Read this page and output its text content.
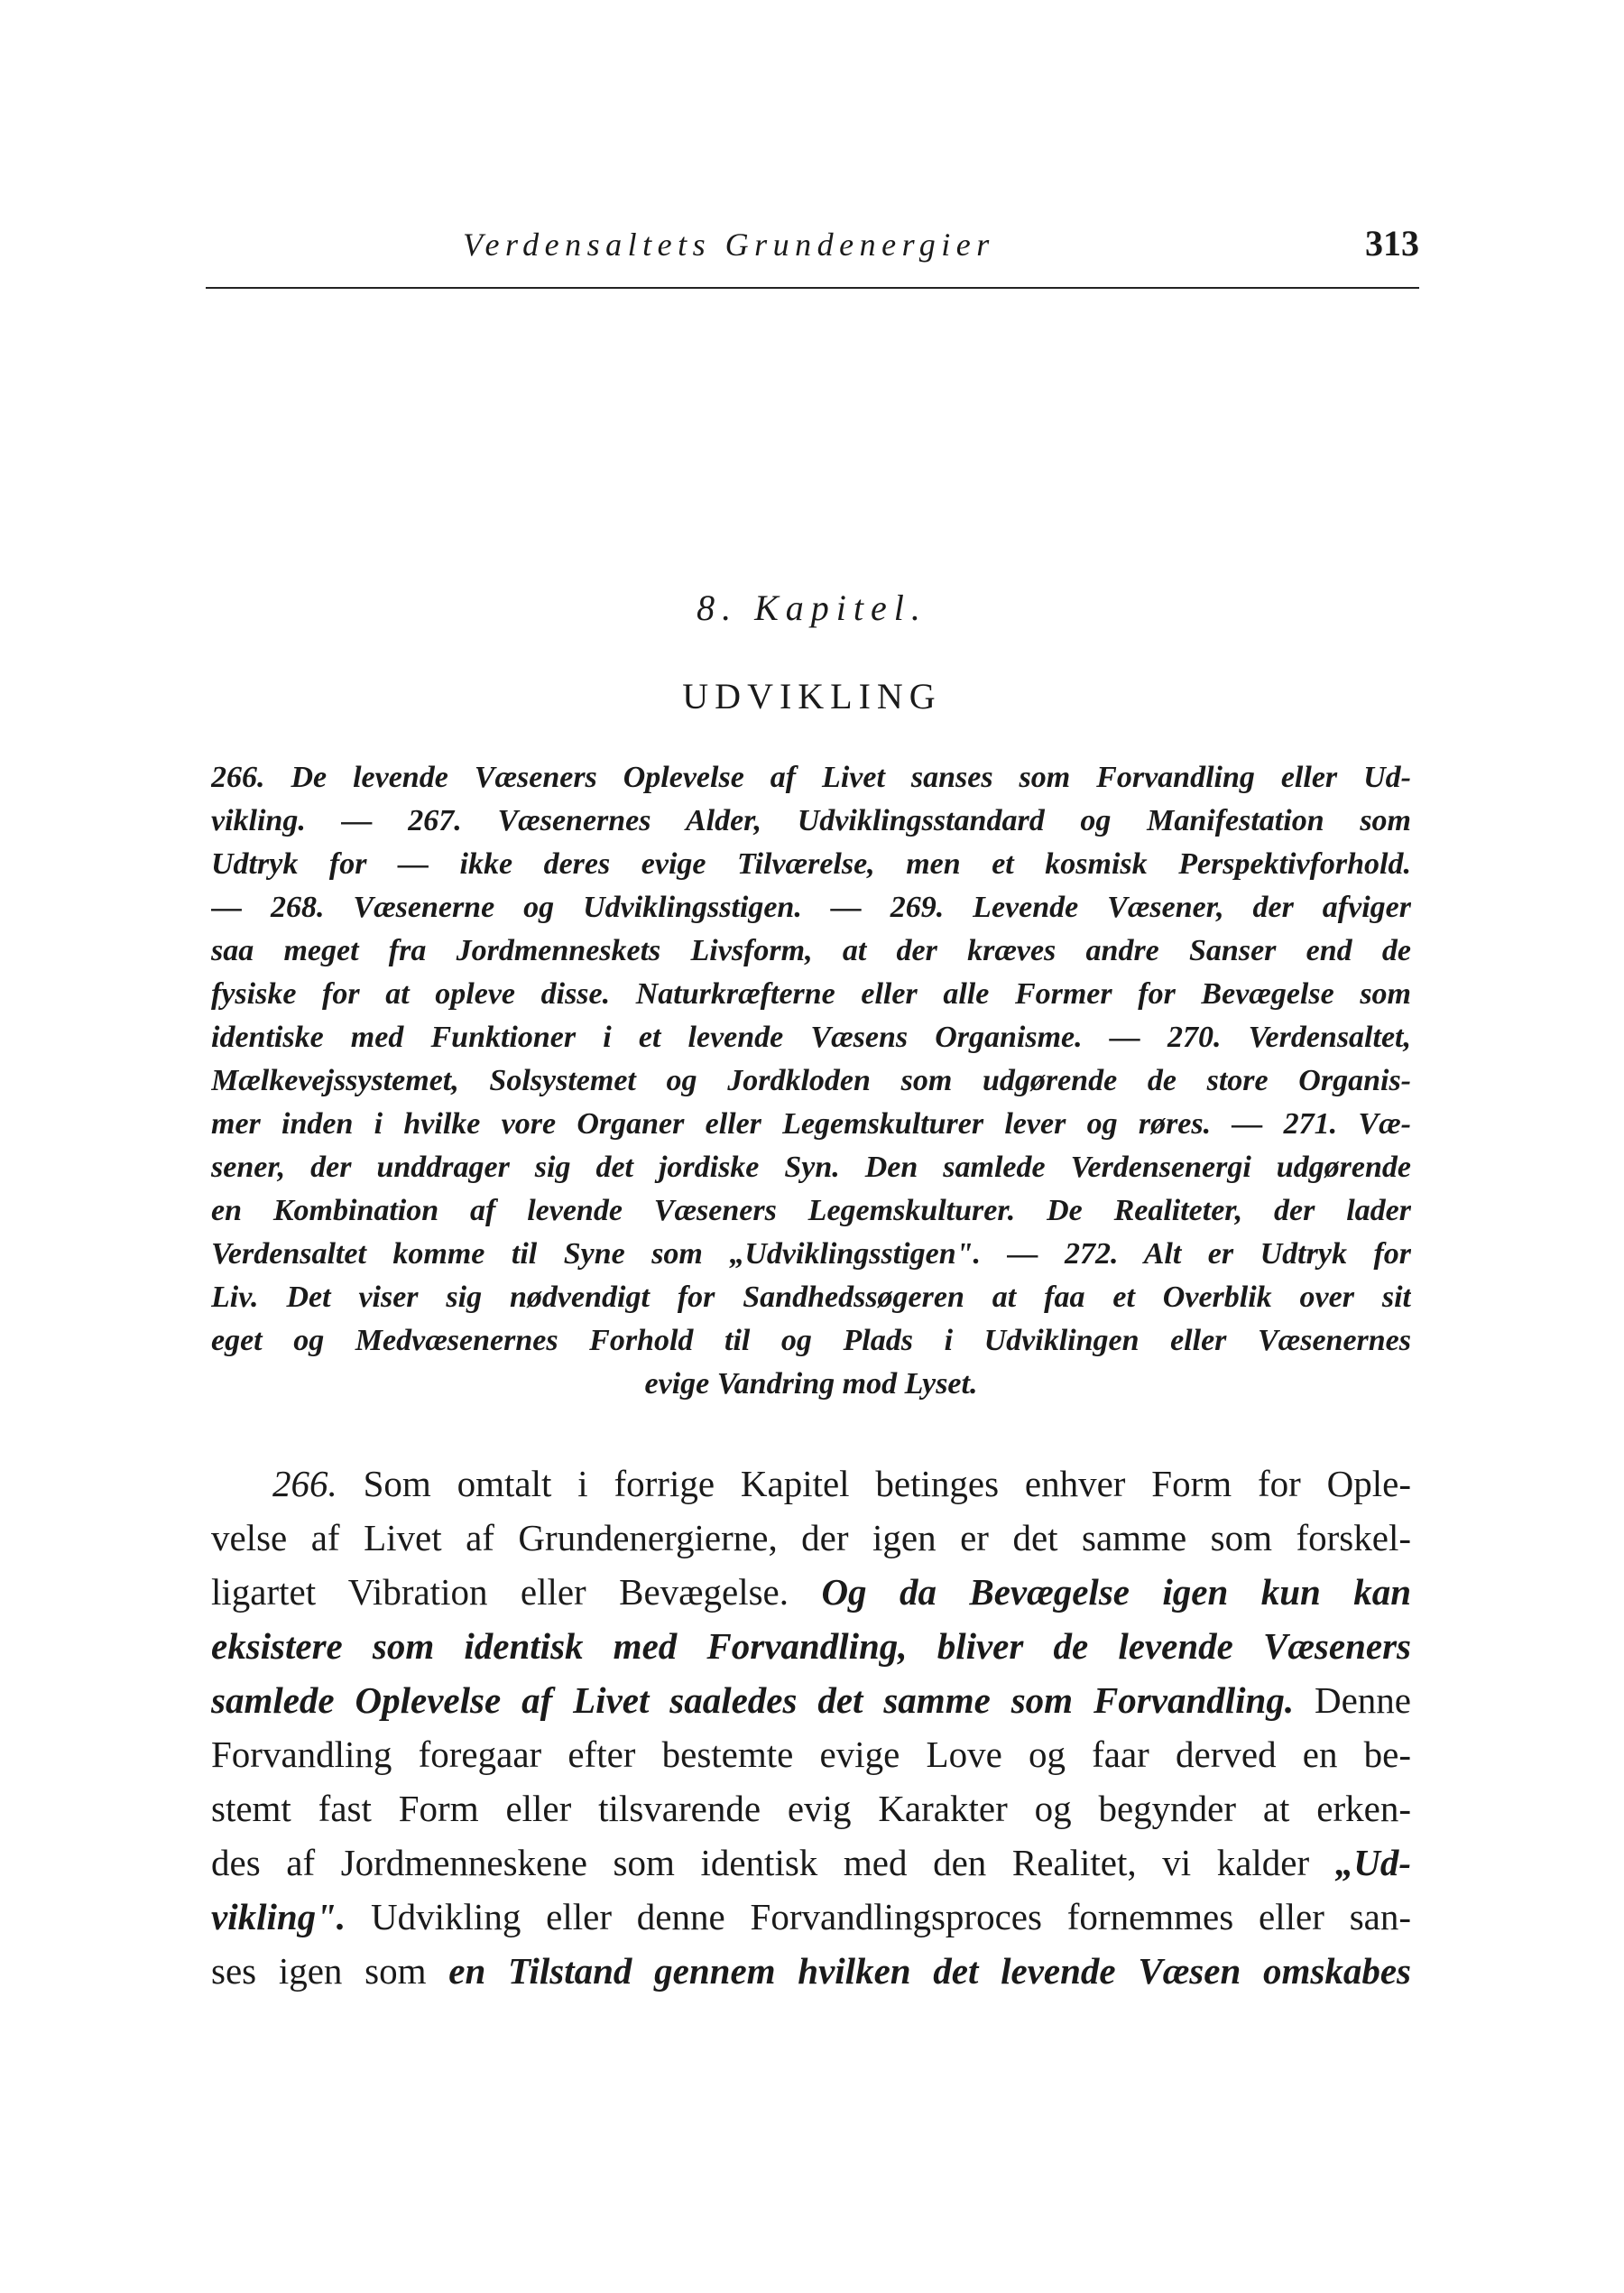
Verdensaltets Grundenergier	313
8. Kapitel.
UDVIKLING
266. De levende Væseners Oplevelse af Livet sanses som Forvandling eller Ud-
vikling. — 267. Væsenernes Alder, Udviklingsstandard og Manifestation som
Udtryk for — ikke deres evige Tilværelse, men et kosmisk Perspektivforhold.
— 268. Væsenerne og Udviklingsstigen. — 269. Levende Væsener, der afviger
saa meget fra Jordmenneskets Livsform, at der kræves andre Sanser end de
fysiske for at opleve disse. Naturkræfterne eller alle Former for Bevægelse som
identiske med Funktioner i et levende Væsens Organisme. — 270. Verdensaltet,
Mælkevejssystemet, Solsystemet og Jordkloden som udgørende de store Organis-
mer inden i hvilke vore Organer eller Legemskulturer lever og røres. — 271. Væ-
sener, der unddrager sig det jordiske Syn. Den samlede Verdensenergi udgørende
en Kombination af levende Væseners Legemskulturer. De Realiteter, der lader
Verdensaltet komme til Syne som „Udviklingsstigen". — 272. Alt er Udtryk for
Liv. Det viser sig nødvendigt for Sandhedssøgeren at faa et Overblik over sit
eget og Medvæsenernes Forhold til og Plads i Udviklingen eller Væsenernes
evige Vandring mod Lyset.
266. Som omtalt i forrige Kapitel betinges enhver Form for Ople-
velse af Livet af Grundenergierne, der igen er det samme som forskel-
ligartet Vibration eller Bevægelse. Og da Bevægelse igen kun kan
eksistere som identisk med Forvandling, bliver de levende Væseners
samlede Oplevelse af Livet saaledes det samme som Forvandling. Denne
Forvandling foregaar efter bestemte evige Love og faar derved en be-
stemt fast Form eller tilsvarende evig Karakter og begynder at erken-
des af Jordmenneskene som identisk med den Realitet, vi kalder „Ud-
vikling". Udvikling eller denne Forvandlingsproces fornemmes eller san-
ses igen som en Tilstand gennem hvilken det levende Væsen omskabes
